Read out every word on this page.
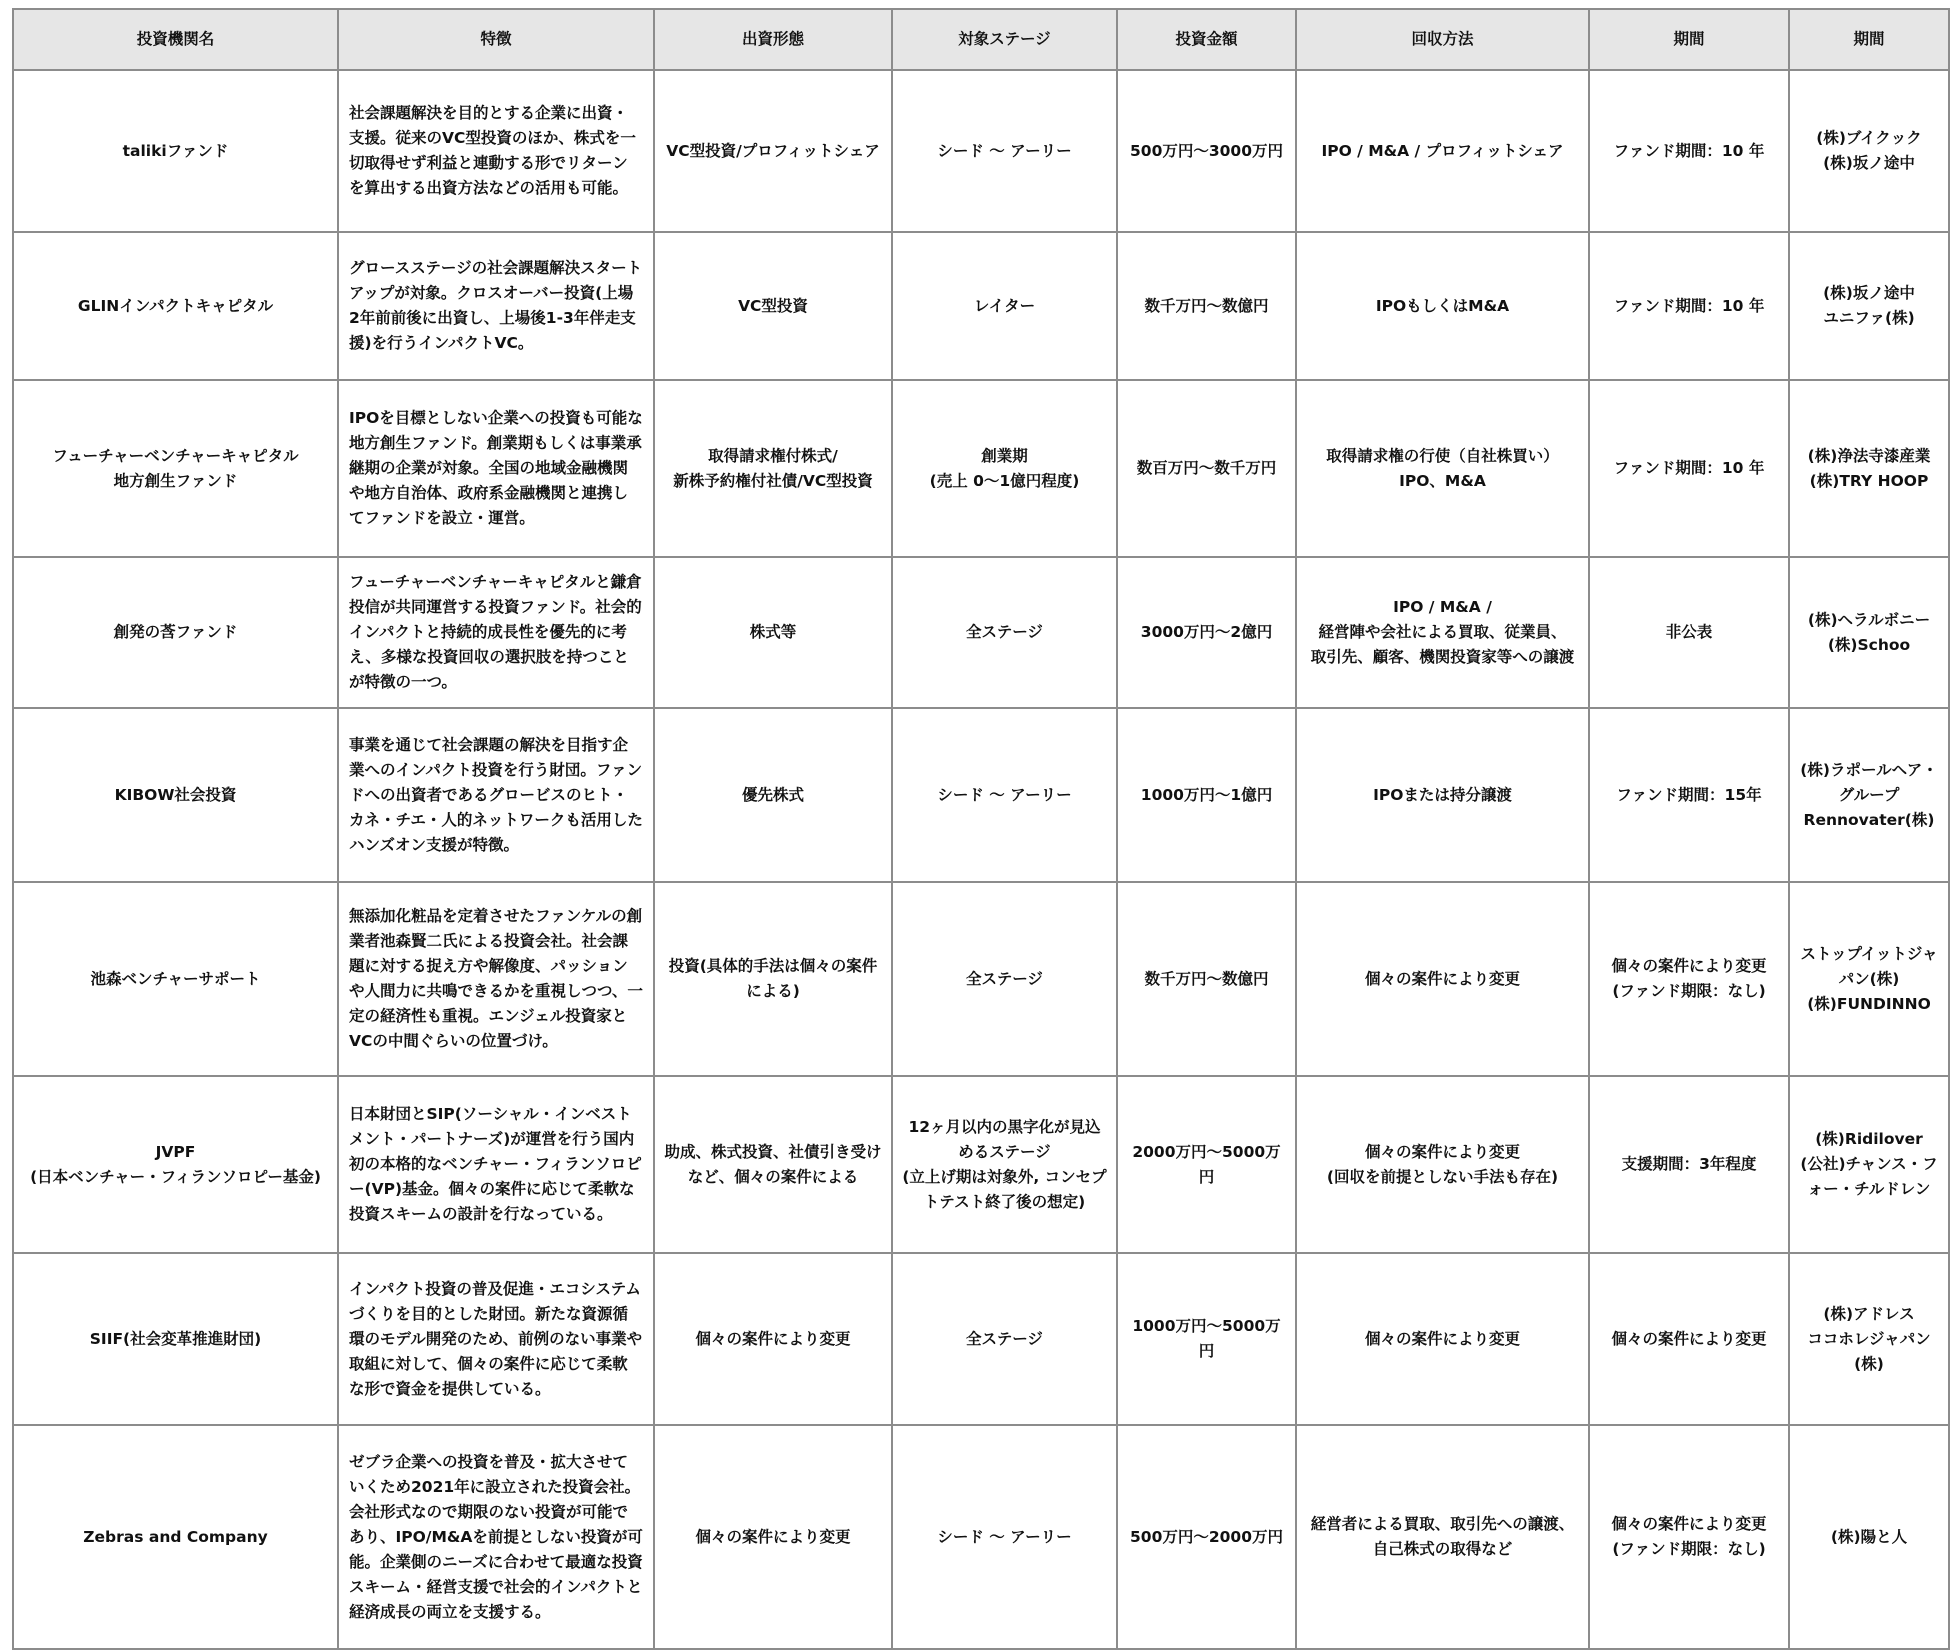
投資機関名	特徴	出資形態	対象ステージ	投資金額	回収方法	期間	期間
talikiファンド	社会課題解決を目的とする企業に出資・支援。従来のVC型投資のほか、株式を一切取得せず利益と連動する形でリターンを算出する出資方法などの活用も可能。	VC型投資/プロフィットシェア	シード 〜 アーリー	500万円〜3000万円	IPO / M&A / プロフィットシェア	ファンド期間：10 年	(株)ブイクック
(株)坂ノ途中
GLINインパクトキャピタル	グロースステージの社会課題解決スタートアップが対象。クロスオーバー投資(上場2年前前後に出資し、上場後1-3年伴走支援)を行うインパクトVC。	VC型投資	レイター	数千万円〜数億円	IPOもしくはM&A	ファンド期間：10 年	(株)坂ノ途中
ユニファ(株)
フューチャーベンチャーキャピタル
地方創生ファンド	IPOを目標としない企業への投資も可能な地方創生ファンド。創業期もしくは事業承継期の企業が対象。全国の地域金融機関や地方自治体、政府系金融機関と連携してファンドを設立・運営。	取得請求権付株式/
新株予約権付社債/VC型投資	創業期
(売上 0〜1億円程度)	数百万円〜数千万円	取得請求権の行使（自社株買い）
IPO、M&A	ファンド期間：10 年	(株)浄法寺漆産業
(株)TRY HOOP
創発の莟ファンド	フューチャーベンチャーキャピタルと鎌倉投信が共同運営する投資ファンド。社会的インパクトと持続的成長性を優先的に考え、多様な投資回収の選択肢を持つことが特徴の一つ。	株式等	全ステージ	3000万円〜2億円	IPO / M&A /
経営陣や会社による買取、従業員、
取引先、顧客、機関投資家等への譲渡	非公表	(株)ヘラルボニー
(株)Schoo
KIBOW社会投資	事業を通じて社会課題の解決を目指す企業へのインパクト投資を行う財団。ファンドへの出資者であるグロービスのヒト・カネ・チエ・人的ネットワークも活用したハンズオン支援が特徴。	優先株式	シード 〜 アーリー	1000万円〜1億円	IPOまたは持分譲渡	ファンド期間：15年	(株)ラポールヘア・グループ
Rennovater(株)
池森ベンチャーサポート	無添加化粧品を定着させたファンケルの創業者池森賢二氏による投資会社。社会課題に対する捉え方や解像度、パッションや人間力に共鳴できるかを重視しつつ、一定の経済性も重視。エンジェル投資家とVCの中間ぐらいの位置づけ。	投資(具体的手法は個々の案件による)	全ステージ	数千万円〜数億円	個々の案件により変更	個々の案件により変更
(ファンド期限：なし)	ストップイットジャパン(株)
(株)FUNDINNO
JVPF
(日本ベンチャー・フィランソロピー基金)	日本財団とSIP(ソーシャル・インベストメント・パートナーズ)が運営を行う国内初の本格的なベンチャー・フィランソロピー(VP)基金。個々の案件に応じて柔軟な投資スキームの設計を行なっている。	助成、株式投資、社債引き受けなど、個々の案件による	12ヶ月以内の黒字化が見込めるステージ
(立上げ期は対象外, コンセプトテスト終了後の想定)	2000万円〜5000万円	個々の案件により変更
(回収を前提としない手法も存在)	支援期間：3年程度	(株)Ridilover
(公社)チャンス・フォー・チルドレン
SIIF(社会変革推進財団)	インパクト投資の普及促進・エコシステムづくりを目的とした財団。新たな資源循環のモデル開発のため、前例のない事業や取組に対して、個々の案件に応じて柔軟な形で資金を提供している。	個々の案件により変更	全ステージ	1000万円〜5000万円	個々の案件により変更	個々の案件により変更	(株)アドレス
ココホレジャパン(株)
Zebras and Company	ゼブラ企業への投資を普及・拡大させていくため2021年に設立された投資会社。会社形式なので期限のない投資が可能であり、IPO/M&Aを前提としない投資が可能。企業側のニーズに合わせて最適な投資スキーム・経営支援で社会的インパクトと経済成長の両立を支援する。	個々の案件により変更	シード 〜 アーリー	500万円〜2000万円	経営者による買取、取引先への譲渡、
自己株式の取得など	個々の案件により変更
(ファンド期限：なし)	(株)陽と人
